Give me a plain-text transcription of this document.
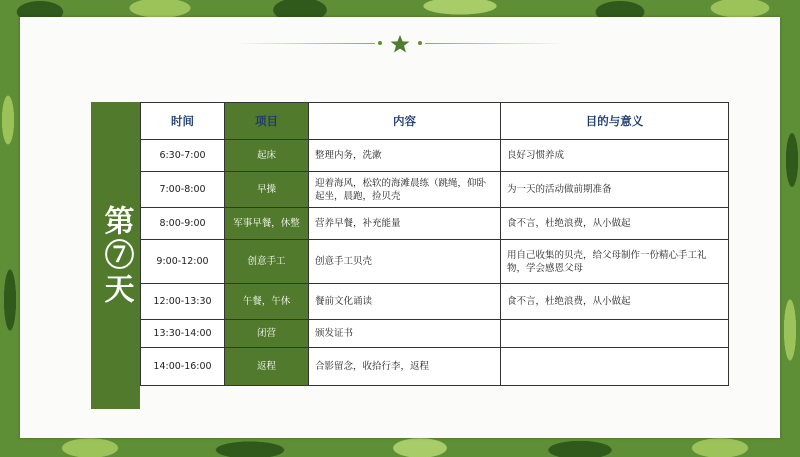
第⑦天
时间	项目	内容	目的与意义
6:30-7:00	起床	整理内务，洗漱	良好习惯养成
7:00-8:00	早操	迎着海风，松软的海滩晨练（跳绳，仰卧起坐，晨跑，捡贝壳	为一天的活动做前期准备
8:00-9:00	军事早餐，休整	营养早餐，补充能量	食不言，杜绝浪费，从小做起
9:00-12:00	创意手工	创意手工贝壳	用自己收集的贝壳，给父母制作一份精心手工礼物，学会感恩父母
12:00-13:30	午餐，午休	餐前文化诵读	食不言，杜绝浪费，从小做起
13:30-14:00	闭营	颁发证书	
14:00-16:00	返程	合影留念，收拾行李，返程	
